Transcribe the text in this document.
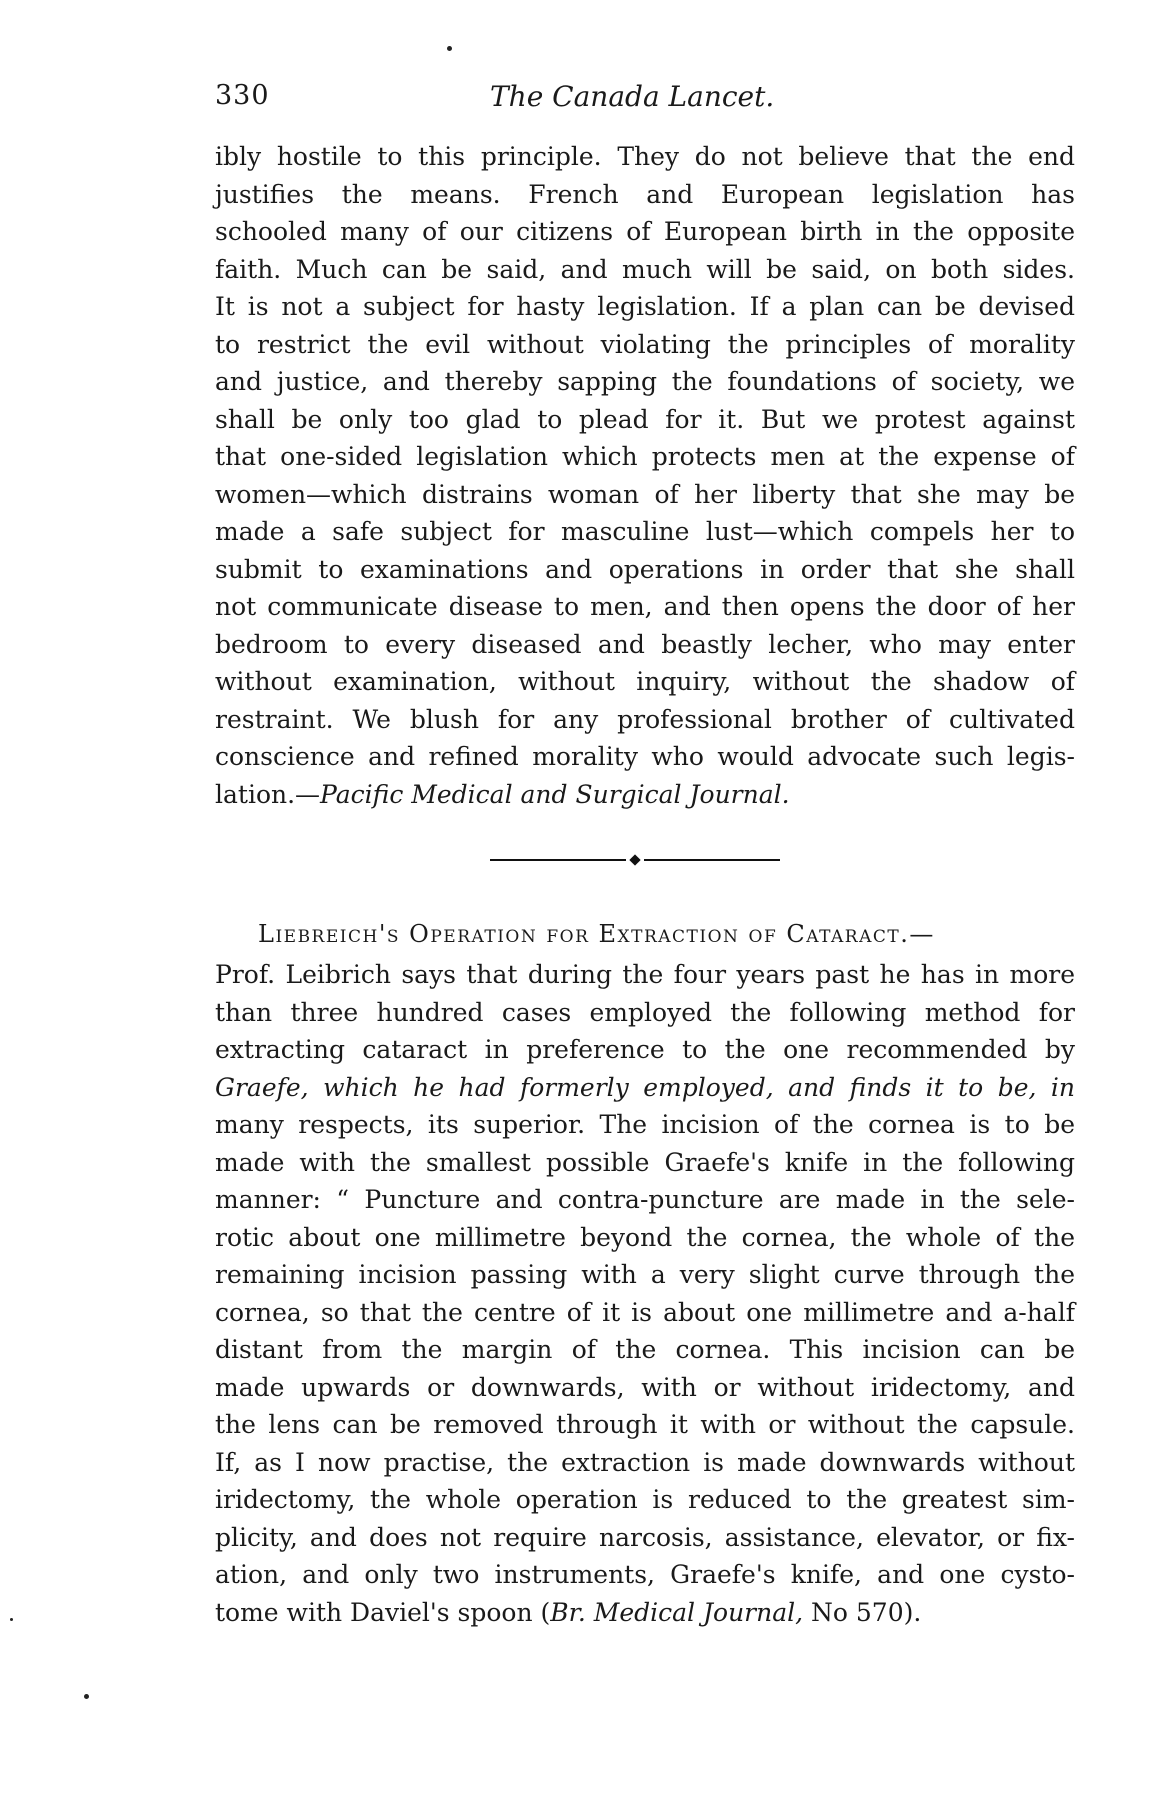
330	The Canada Lancet.
ibly hostile to this principle. They do not believe that the end
justifies the means. French and European legislation has
schooled many of our citizens of European birth in the opposite
faith. Much can be said, and much will be said, on both sides.
It is not a subject for hasty legislation. If a plan can be devised
to restrict the evil without violating the principles of morality
and justice, and thereby sapping the foundations of society, we
shall be only too glad to plead for it. But we protest against
that one-sided legislation which protects men at the expense of
women—which distrains woman of her liberty that she may be
made a safe subject for masculine lust—which compels her to
submit to examinations and operations in order that she shall
not communicate disease to men, and then opens the door of her
bedroom to every diseased and beastly lecher, who may enter
without examination, without inquiry, without the shadow of
restraint. We blush for any professional brother of cultivated
conscience and refined morality who would advocate such legis-
lation.—Pacific Medical and Surgical Journal.
Liebreich's Operation for Extraction of Cataract.—
Prof. Leibrich says that during the four years past he has in more
than three hundred cases employed the following method for
extracting cataract in preference to the one recommended by
Graefe, which he had formerly employed, and finds it to be, in
many respects, its superior. The incision of the cornea is to be
made with the smallest possible Graefe's knife in the following
manner: “ Puncture and contra-puncture are made in the sele-
rotic about one millimetre beyond the cornea, the whole of the
remaining incision passing with a very slight curve through the
cornea, so that the centre of it is about one millimetre and a-half
distant from the margin of the cornea. This incision can be
made upwards or downwards, with or without iridectomy, and
the lens can be removed through it with or without the capsule.
If, as I now practise, the extraction is made downwards without
iridectomy, the whole operation is reduced to the greatest sim-
plicity, and does not require narcosis, assistance, elevator, or fix-
ation, and only two instruments, Graefe's knife, and one cysto-
tome with Daviel's spoon (Br. Medical Journal, No 570).
